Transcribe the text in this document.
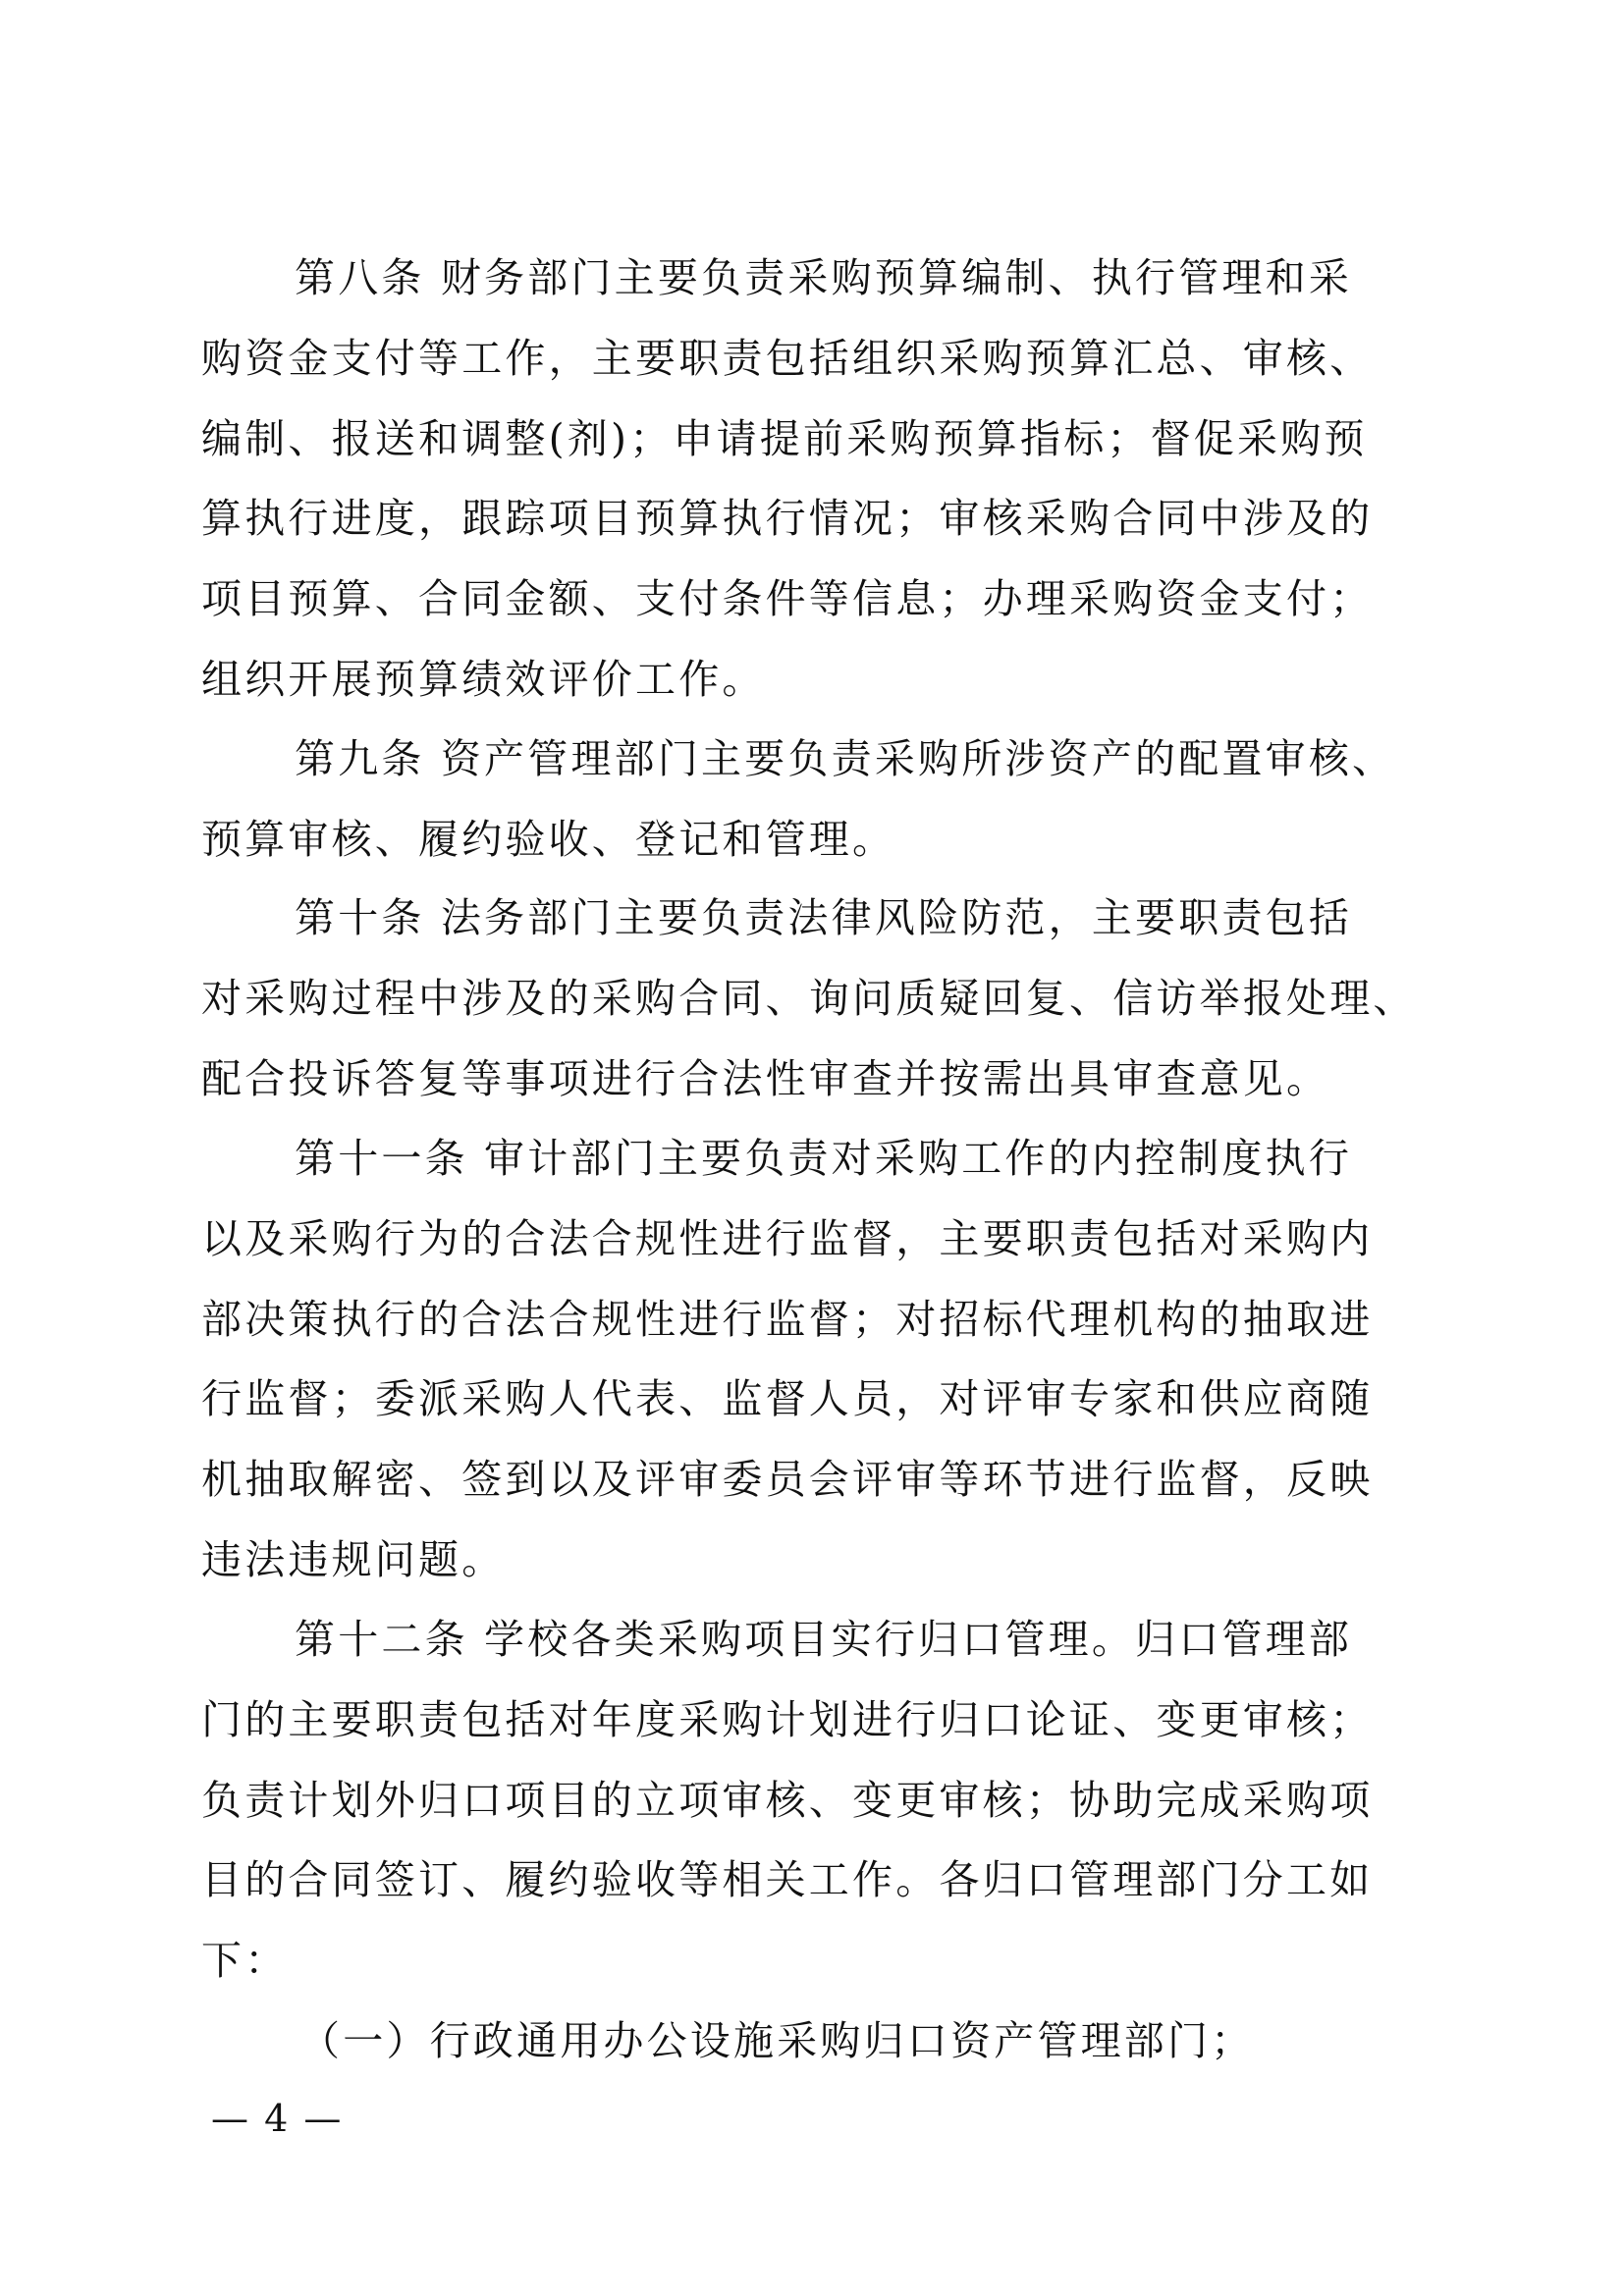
第八条 财务部门主要负责采购预算编制、执行管理和采
购资金支付等工作，主要职责包括组织采购预算汇总、审核、
编制、报送和调整(剂)；申请提前采购预算指标；督促采购预
算执行进度，跟踪项目预算执行情况；审核采购合同中涉及的
项目预算、合同金额、支付条件等信息；办理采购资金支付；
组织开展预算绩效评价工作。
第九条 资产管理部门主要负责采购所涉资产的配置审核、
预算审核、履约验收、登记和管理。
第十条 法务部门主要负责法律风险防范，主要职责包括
对采购过程中涉及的采购合同、询问质疑回复、信访举报处理、
配合投诉答复等事项进行合法性审查并按需出具审查意见。
第十一条 审计部门主要负责对采购工作的内控制度执行
以及采购行为的合法合规性进行监督，主要职责包括对采购内
部决策执行的合法合规性进行监督；对招标代理机构的抽取进
行监督；委派采购人代表、监督人员，对评审专家和供应商随
机抽取解密、签到以及评审委员会评审等环节进行监督，反映
违法违规问题。
第十二条 学校各类采购项目实行归口管理。归口管理部
门的主要职责包括对年度采购计划进行归口论证、变更审核；
负责计划外归口项目的立项审核、变更审核；协助完成采购项
目的合同签订、履约验收等相关工作。各归口管理部门分工如
下：
（一）行政通用办公设施采购归口资产管理部门；
— 4 —
